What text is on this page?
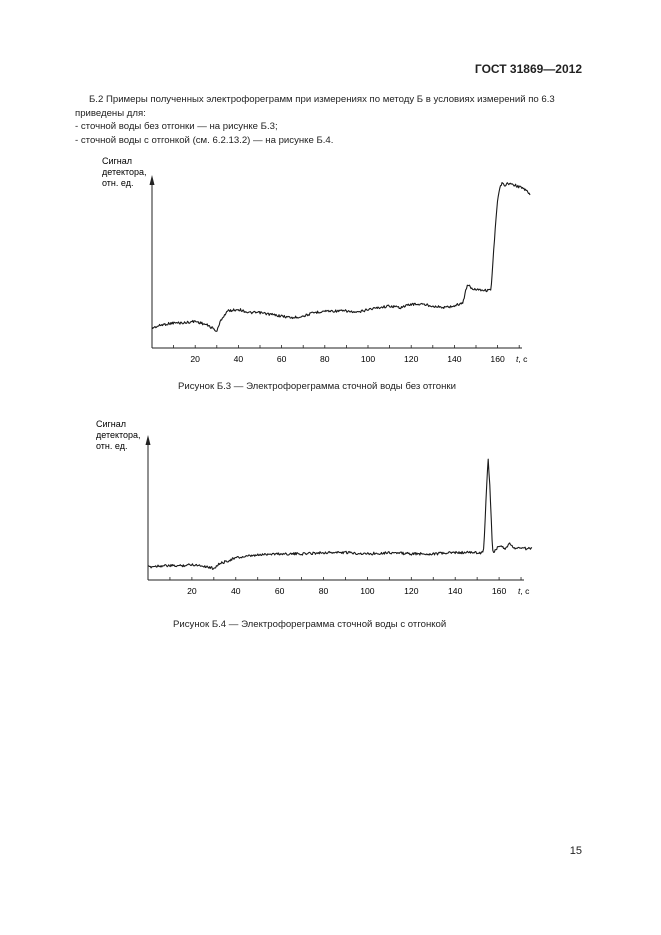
ГОСТ 31869—2012

Б.2 Примеры полученных электрофореграмм при измерениях по методу Б в условиях измерений по 6.3 приведены для:

- сточной воды без отгонки — на рисунке Б.3;

- сточной воды с отгонкой (см. 6.2.13.2) — на рисунке Б.4.

Сигнал
детектора,
отн. ед.
20	40	60	80	100	120	140	160 t, c
Рисунок Б.3 — Электрофореграмма сточной воды без отгонки
Сигнал
детектора,
отн. ед.
20	40	60	80	100	120	140	160 t, c
Рисунок Б.4 — Электрофореграмма сточной воды с отгонкой
15
